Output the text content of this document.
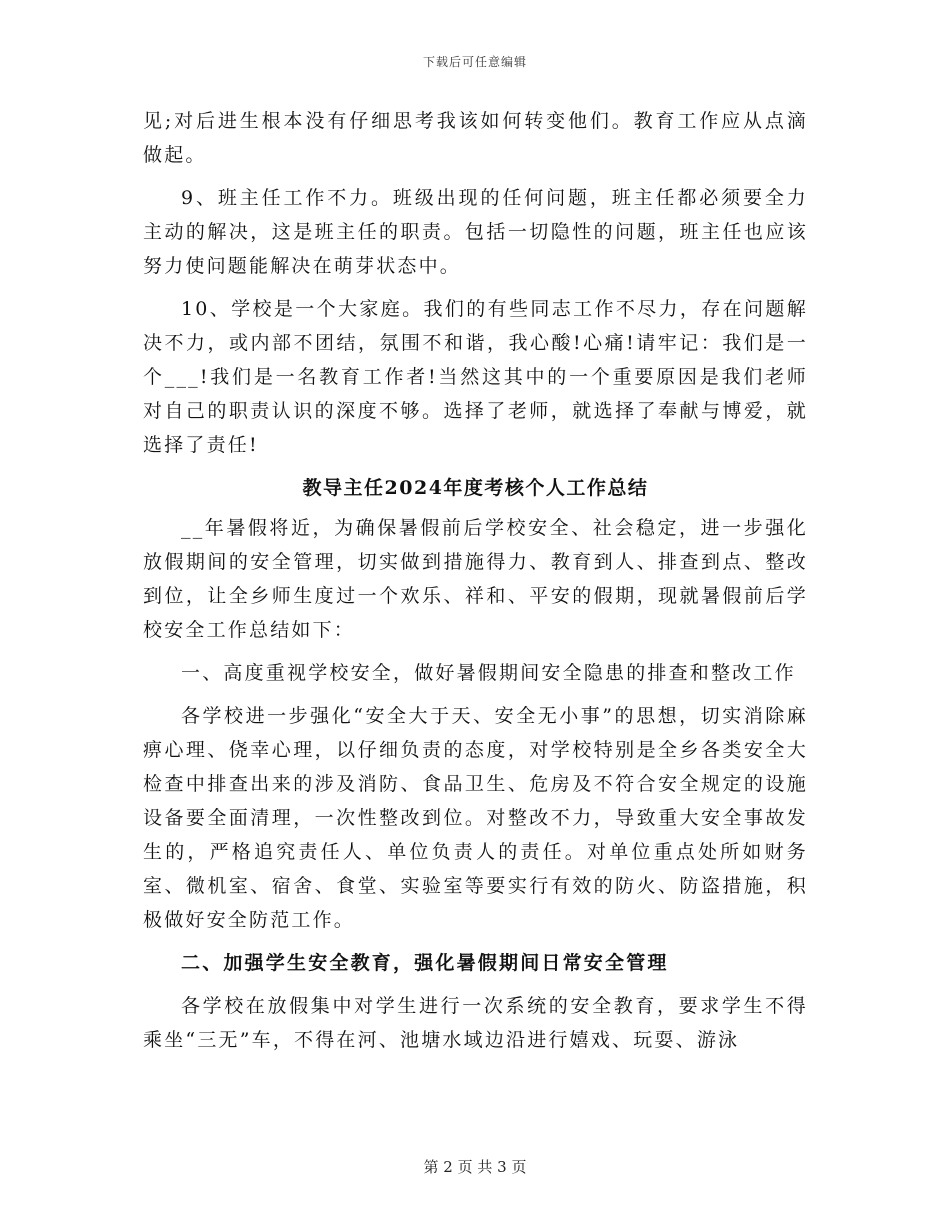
下载后可任意编辑

见;对后进生根本没有仔细思考我该如何转变他们。教育工作应从点滴做起。

9、班主任工作不力。班级出现的任何问题，班主任都必须要全力主动的解决，这是班主任的职责。包括一切隐性的问题，班主任也应该努力使问题能解决在萌芽状态中。

10、学校是一个大家庭。我们的有些同志工作不尽力，存在问题解决不力，或内部不团结，氛围不和谐，我心酸!心痛!请牢记：我们是一个___!我们是一名教育工作者!当然这其中的一个重要原因是我们老师对自己的职责认识的深度不够。选择了老师，就选择了奉献与博爱，就选择了责任!

教导主任2024年度考核个人工作总结

__年暑假将近，为确保暑假前后学校安全、社会稳定，进一步强化放假期间的安全管理，切实做到措施得力、教育到人、排查到点、整改到位，让全乡师生度过一个欢乐、祥和、平安的假期，现就暑假前后学校安全工作总结如下：

一、高度重视学校安全，做好暑假期间安全隐患的排查和整改工作

各学校进一步强化“安全大于天、安全无小事”的思想，切实消除麻痹心理、侥幸心理，以仔细负责的态度，对学校特别是全乡各类安全大检查中排查出来的涉及消防、食品卫生、危房及不符合安全规定的设施设备要全面清理，一次性整改到位。对整改不力，导致重大安全事故发生的，严格追究责任人、单位负责人的责任。对单位重点处所如财务室、微机室、宿舍、食堂、实验室等要实行有效的防火、防盗措施，积极做好安全防范工作。

二、加强学生安全教育，强化暑假期间日常安全管理

各学校在放假集中对学生进行一次系统的安全教育，要求学生不得乘坐“三无”车，不得在河、池塘水域边沿进行嬉戏、玩耍、游泳

第 2 页 共 3 页
